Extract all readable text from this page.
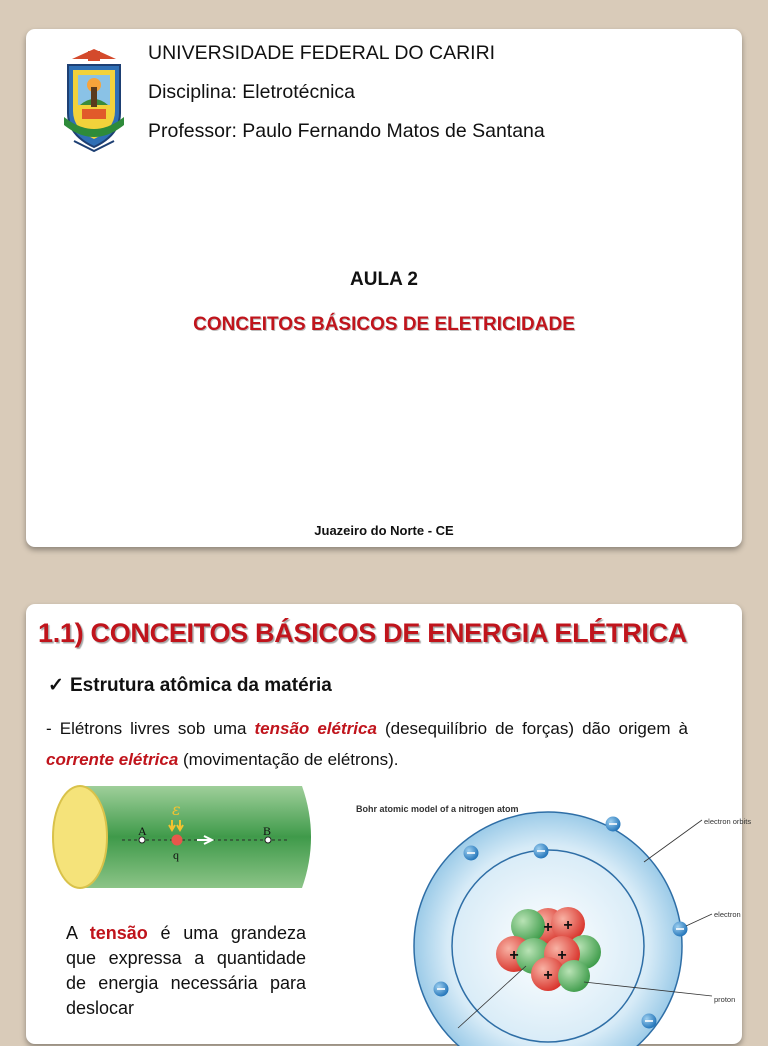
UNIVERSIDADE FEDERAL DO CARIRI
Disciplina: Eletrotécnica
Professor: Paulo Fernando Matos de Santana
AULA 2
CONCEITOS BÁSICOS DE ELETRICIDADE
Juazeiro do Norte - CE
1.1) CONCEITOS BÁSICOS DE ENERGIA ELÉTRICA
✓ Estrutura atômica da matéria
- Elétrons livres sob uma tensão elétrica (desequilíbrio de forças) dão origem à corrente elétrica (movimentação de elétrons).
ε
A	B
q
Bohr atomic model of a nitrogen atom
+
+ +
+
+
electron orbits
electron
proton
A tensão é uma grandeza que expressa a quantidade de energia necessária para deslocar
